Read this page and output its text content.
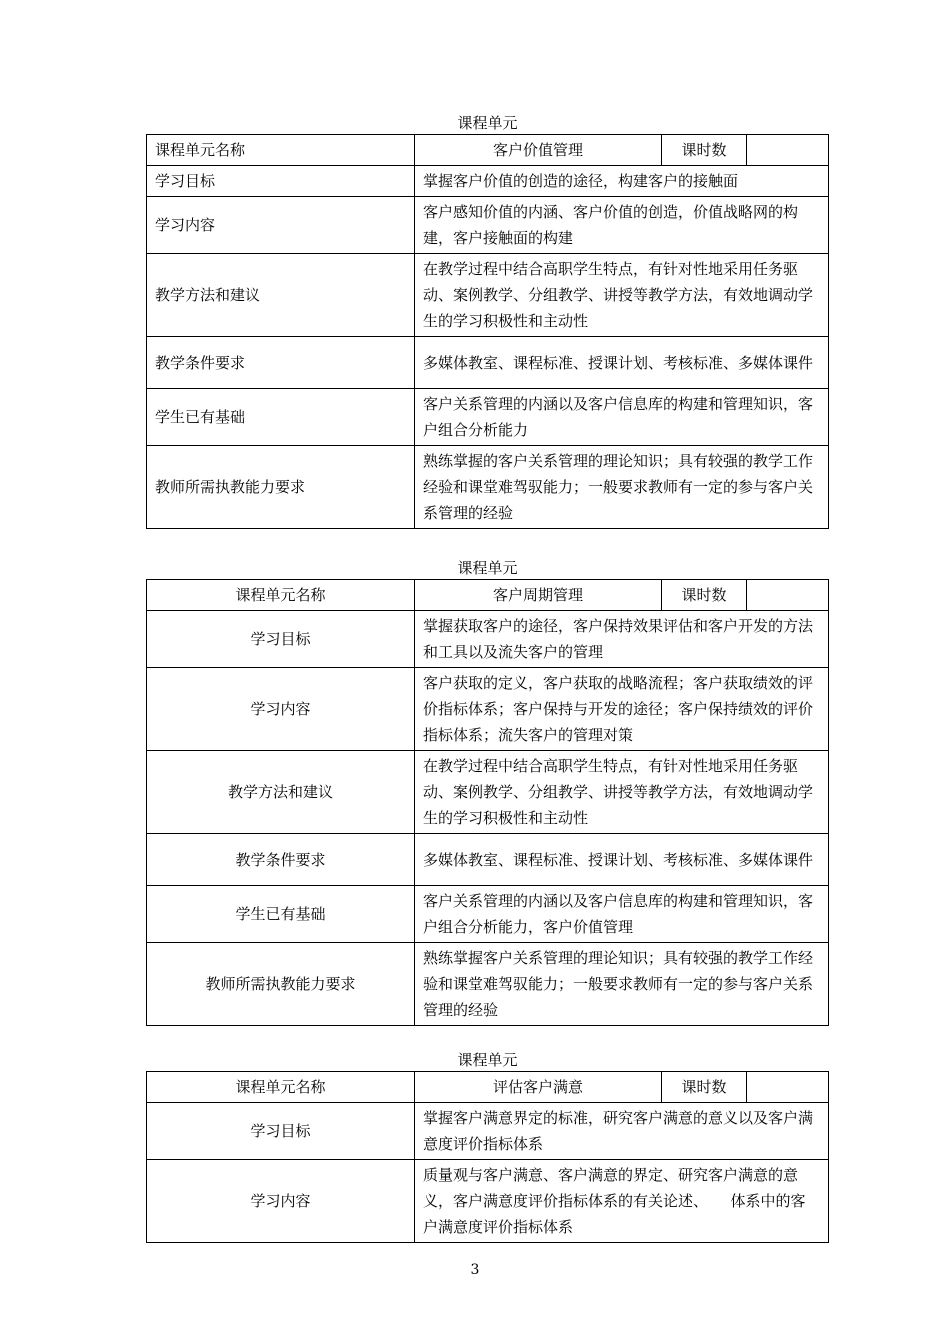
课程单元
课程单元名称	客户价值管理	课时数	
学习目标	掌握客户价值的创造的途径，构建客户的接触面		
学习内容	客户感知价值的内涵、客户价值的创造，价值战略网的构建，客户接触面的构建		
教学方法和建议	在教学过程中结合高职学生特点，有针对性地采用任务驱动、案例教学、分组教学、讲授等教学方法，有效地调动学生的学习积极性和主动性		
教学条件要求	多媒体教室、课程标准、授课计划、考核标准、多媒体课件		
学生已有基础	客户关系管理的内涵以及客户信息库的构建和管理知识，客户组合分析能力		
教师所需执教能力要求	熟练掌握的客户关系管理的理论知识；具有较强的教学工作经验和课堂难驾驭能力；一般要求教师有一定的参与客户关系管理的经验		
课程单元
课程单元名称	客户周期管理	课时数	
学习目标	掌握获取客户的途径，客户保持效果评估和客户开发的方法和工具以及流失客户的管理		
学习内容	客户获取的定义，客户获取的战略流程；客户获取绩效的评价指标体系；客户保持与开发的途径；客户保持绩效的评价指标体系；流失客户的管理对策		
教学方法和建议	在教学过程中结合高职学生特点，有针对性地采用任务驱动、案例教学、分组教学、讲授等教学方法，有效地调动学生的学习积极性和主动性		
教学条件要求	多媒体教室、课程标准、授课计划、考核标准、多媒体课件		
学生已有基础	客户关系管理的内涵以及客户信息库的构建和管理知识，客户组合分析能力，客户价值管理		
教师所需执教能力要求	熟练掌握客户关系管理的理论知识；具有较强的教学工作经验和课堂难驾驭能力；一般要求教师有一定的参与客户关系管理的经验		
课程单元
课程单元名称	评估客户满意	课时数	
学习目标	掌握客户满意界定的标准，研究客户满意的意义以及客户满意度评价指标体系		
学习内容	质量观与客户满意、客户满意的界定、研究客户满意的意义，客户满意度评价指标体系的有关论述、　　体系中的客户满意度评价指标体系		
3
